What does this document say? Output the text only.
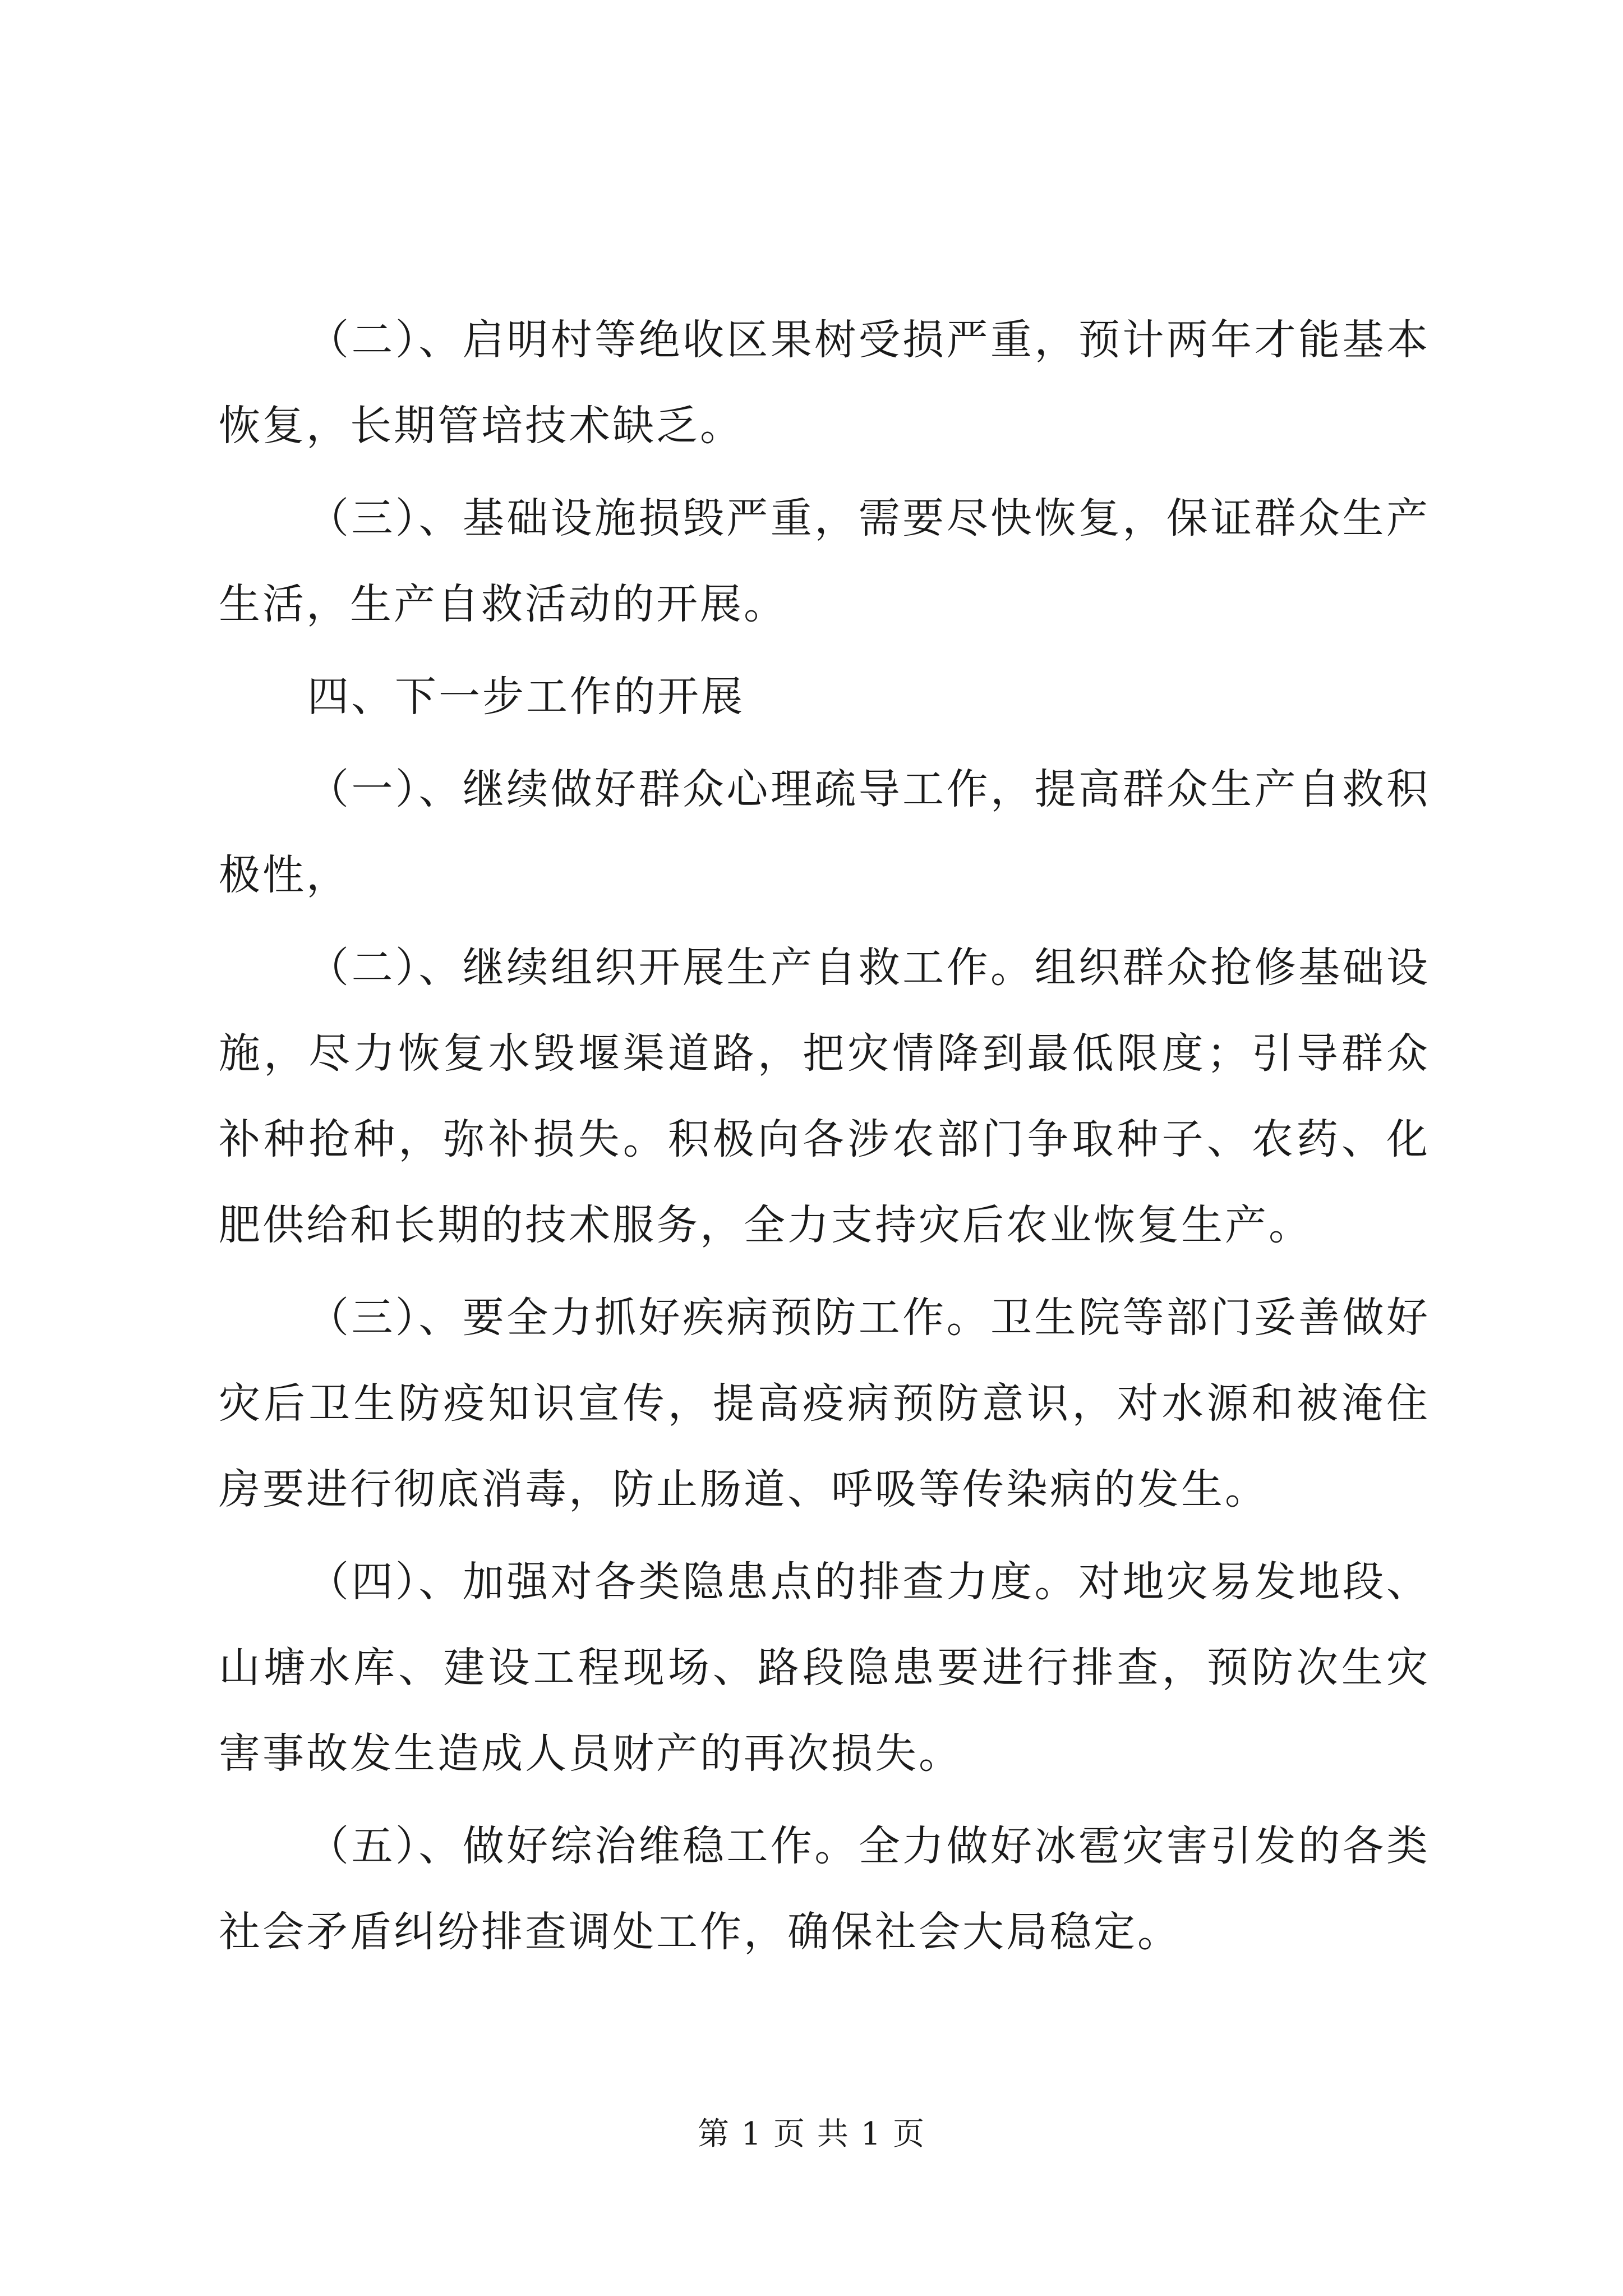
（二）、启明村等绝收区果树受损严重，预计两年才能基本恢复，长期管培技术缺乏。

（三）、基础设施损毁严重，需要尽快恢复，保证群众生产生活，生产自救活动的开展。

四、下一步工作的开展

（一）、继续做好群众心理疏导工作，提高群众生产自救积极性，

（二）、继续组织开展生产自救工作。组织群众抢修基础设施，尽力恢复水毁堰渠道路，把灾情降到最低限度；引导群众补种抢种，弥补损失。积极向各涉农部门争取种子、农药、化肥供给和长期的技术服务，全力支持灾后农业恢复生产。

（三）、要全力抓好疾病预防工作。卫生院等部门妥善做好灾后卫生防疫知识宣传，提高疫病预防意识，对水源和被淹住房要进行彻底消毒，防止肠道、呼吸等传染病的发生。

（四）、加强对各类隐患点的排查力度。对地灾易发地段、山塘水库、建设工程现场、路段隐患要进行排查，预防次生灾害事故发生造成人员财产的再次损失。

（五）、做好综治维稳工作。全力做好冰雹灾害引发的各类社会矛盾纠纷排查调处工作，确保社会大局稳定。

第 1 页 共 1 页
